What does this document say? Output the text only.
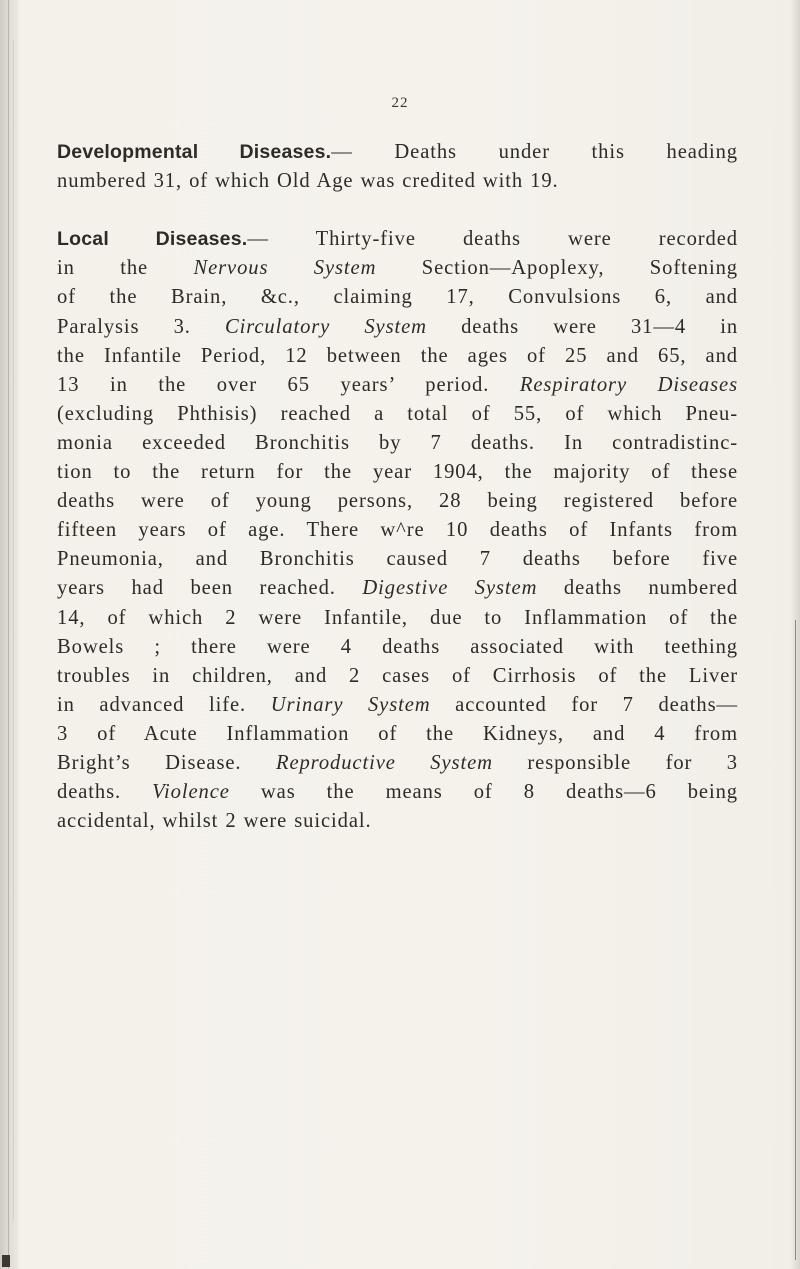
22
Developmental Diseases.— Deaths under this heading
numbered 31, of which Old Age was credited with 19.
Local Diseases.— Thirty-five deaths were recorded
in the Nervous System Section—Apoplexy, Softening
of the Brain, &c., claiming 17, Convulsions 6, and
Paralysis 3. Circulatory System deaths were 31—4 in
the Infantile Period, 12 between the ages of 25 and 65, and
13 in the over 65 years’ period. Respiratory Diseases
(excluding Phthisis) reached a total of 55, of which Pneu-
monia exceeded Bronchitis by 7 deaths. In contradistinc-
tion to the return for the year 1904, the majority of these
deaths were of young persons, 28 being registered before
fifteen years of age. There w^re 10 deaths of Infants from
Pneumonia, and Bronchitis caused 7 deaths before five
years had been reached. Digestive System deaths numbered
14, of which 2 were Infantile, due to Inflammation of the
Bowels ; there were 4 deaths associated with teething
troubles in children, and 2 cases of Cirrhosis of the Liver
in advanced life. Urinary System accounted for 7 deaths—
3 of Acute Inflammation of the Kidneys, and 4 from
Bright’s Disease. Reproductive System responsible for 3
deaths. Violence was the means of 8 deaths—6 being
accidental, whilst 2 were suicidal.
